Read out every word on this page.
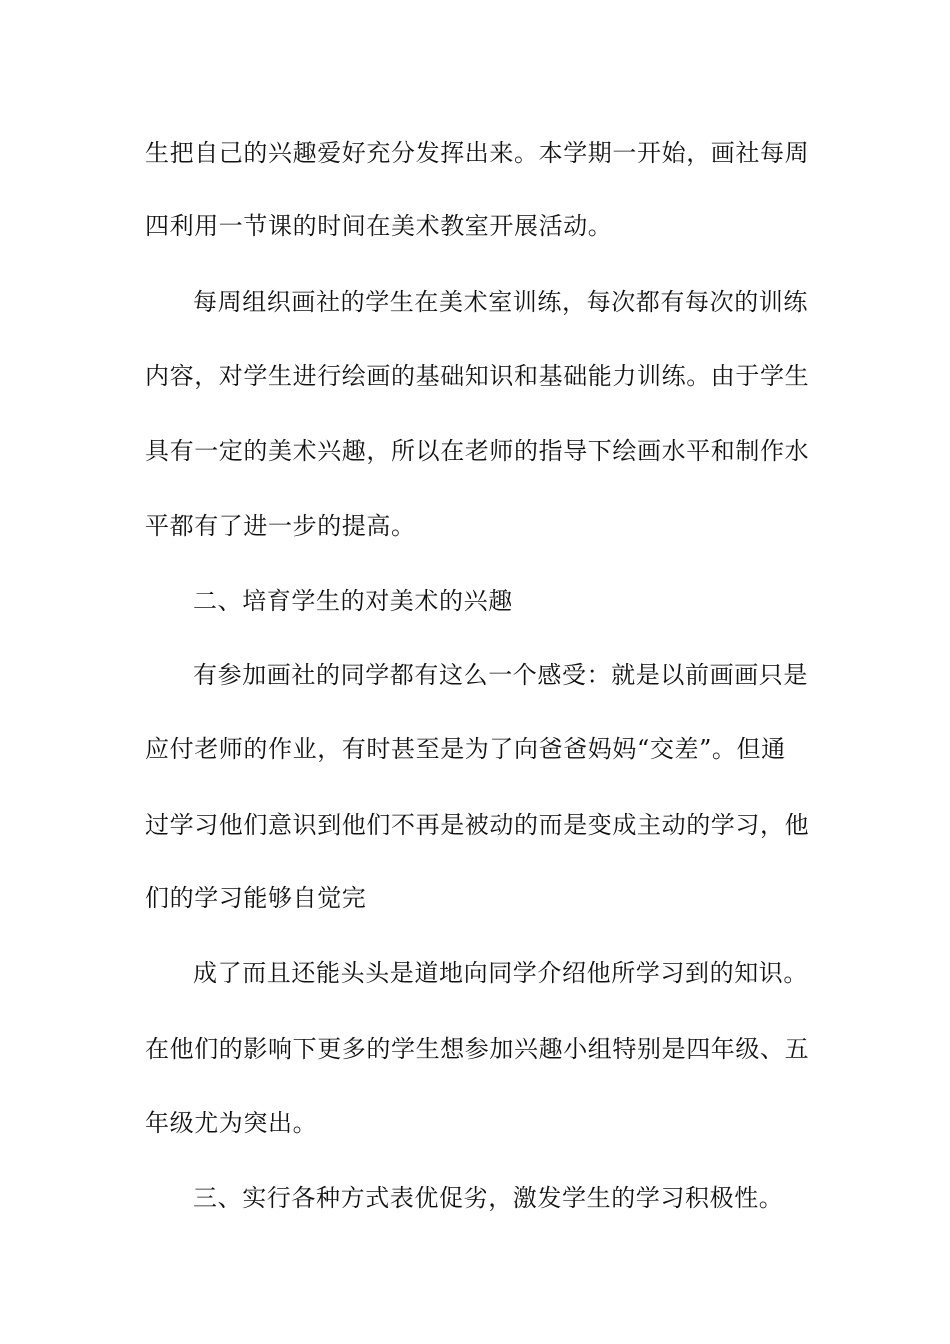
生把自己的兴趣爱好充分发挥出来。本学期一开始，画社每周
四利用一节课的时间在美术教室开展活动。
每周组织画社的学生在美术室训练，每次都有每次的训练
内容，对学生进行绘画的基础知识和基础能力训练。由于学生
具有一定的美术兴趣，所以在老师的指导下绘画水平和制作水
平都有了进一步的提高。
二、培育学生的对美术的兴趣
有参加画社的同学都有这么一个感受：就是以前画画只是
应付老师的作业，有时甚至是为了向爸爸妈妈“交差”。但通
过学习他们意识到他们不再是被动的而是变成主动的学习，他
们的学习能够自觉完
成了而且还能头头是道地向同学介绍他所学习到的知识。
在他们的影响下更多的学生想参加兴趣小组特别是四年级、五
年级尤为突出。
三、实行各种方式表优促劣，激发学生的学习积极性。
